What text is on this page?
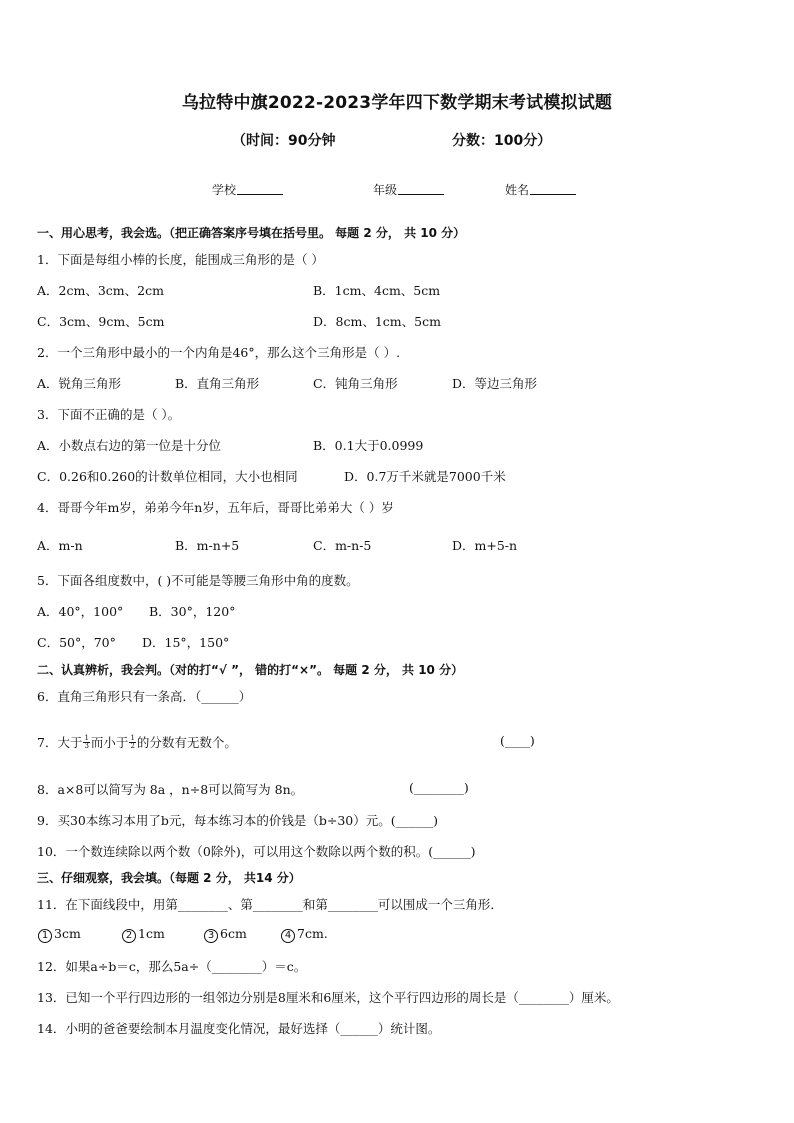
乌拉特中旗2022-2023学年四下数学期末考试模拟试题
（时间：90分钟	分数：100分）
学校	年级	姓名
一、用心思考，我会选。（把正确答案序号填在括号里。 每题 2 分， 共 10 分）
1．下面是每组小棒的长度，能围成三角形的是（ ）
A．2cm、3cm、2cm	B．1cm、4cm、5cm
C．3cm、9cm、5cm	D．8cm、1cm、5cm
2．一个三角形中最小的一个内角是46°，那么这个三角形是（ ）.
A．锐角三角形	B．直角三角形	C．钝角三角形	D．等边三角形
3．下面不正确的是（ ）。
A．小数点右边的第一位是十分位	B．0.1大于0.0999
C．0.26和0.260的计数单位相同，大小也相同	D．0.7万千米就是7000千米
4．哥哥今年m岁，弟弟今年n岁，五年后，哥哥比弟弟大（ ）岁
A．m-n	B．m-n+5	C．m-n-5	D．m+5-n
5．下面各组度数中，( )不可能是等腰三角形中角的度数。
A．40°，100° B．30°，120°
C．50°，70° D．15°，150°
二、认真辨析，我会判。（对的打“√ ”， 错的打“×”。 每题 2 分， 共 10 分）
6．直角三角形只有一条高．（______）
7．大于 $\frac{1}{3}$ 而小于 $\frac{1}{2}$ 的分数有无数个。	(____)
8．a×8可以简写为 8a ，n÷8可以简写为 8n。	(________)
9．买30本练习本用了b元，每本练习本的价钱是（b÷30）元。(______)
10．一个数连续除以两个数（0除外)，可以用这个数除以两个数的积。(______)
三、仔细观察，我会填。（每题 2 分， 共14 分）
11．在下面线段中，用第________、第________和第________可以围成一个三角形．
1 3cm	2 1cm	3 6cm	4 7cm.
12．如果a÷b＝c，那么5a÷（________）＝c。
13．已知一个平行四边形的一组邻边分别是8厘米和6厘米，这个平行四边形的周长是（________）厘米。
14．小明的爸爸要绘制本月温度变化情况，最好选择（______）统计图。
